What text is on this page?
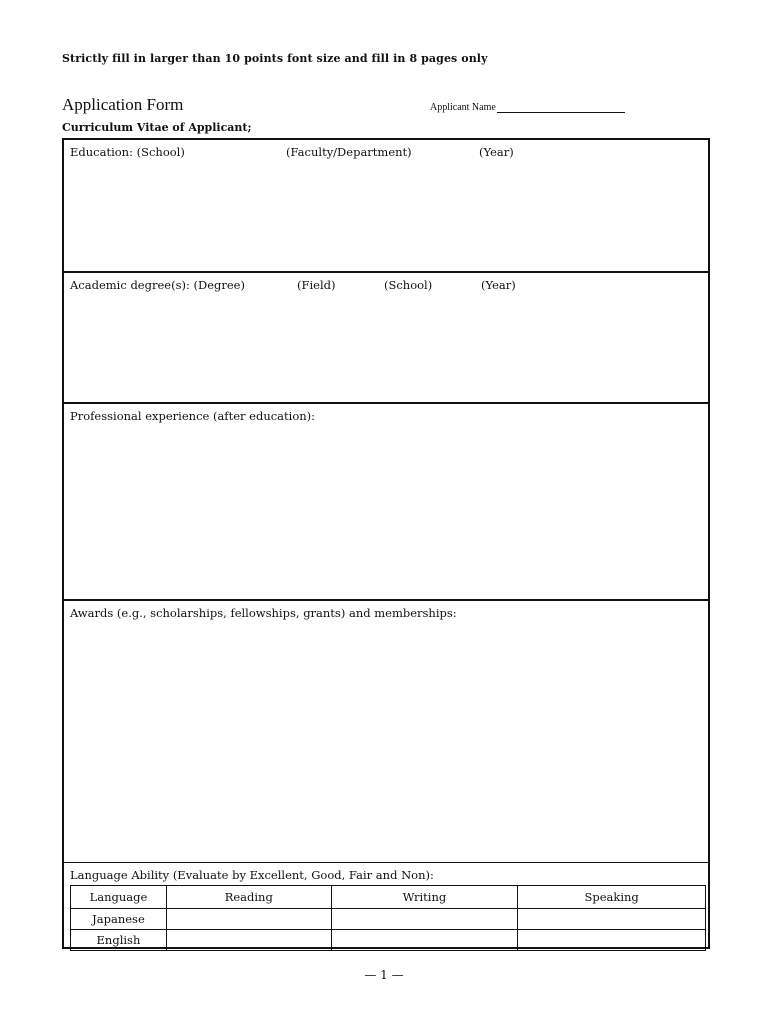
Strictly fill in larger than 10 points font size and fill in 8 pages only
Application Form	Applicant Name
Curriculum Vitae of Applicant;
Education: (School)	(Faculty/Department)	(Year)
Academic degree(s): (Degree)	(Field)	(School)	(Year)
Professional experience (after education):
Awards (e.g., scholarships, fellowships, grants) and memberships:
Language Ability (Evaluate by Excellent, Good, Fair and Non):
Language	Reading	Writing	Speaking
Japanese			
English			
— 1 —
